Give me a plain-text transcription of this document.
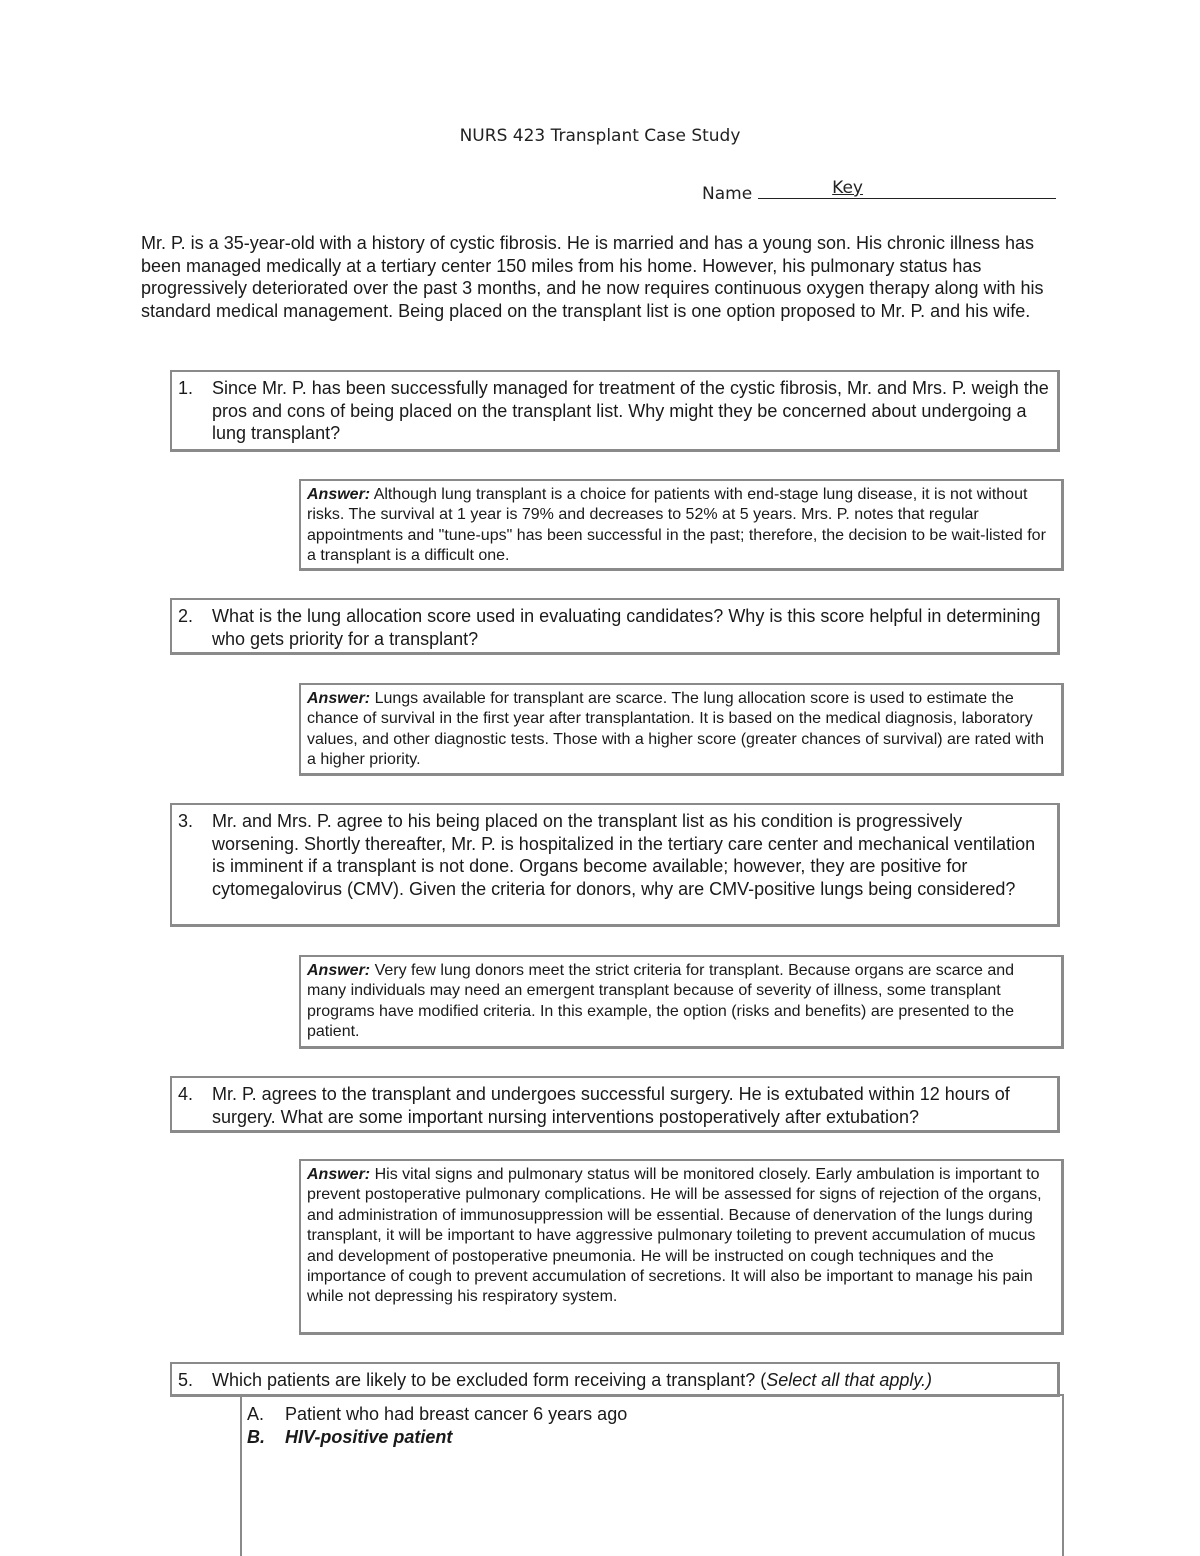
NURS 423 Transplant Case Study
Name	Key
Mr. P. is a 35-year-old with a history of cystic fibrosis. He is married and has a young son. His chronic illness has been managed medically at a tertiary center 150 miles from his home. However, his pulmonary status has progressively deteriorated over the past 3 months, and he now requires continuous oxygen therapy along with his standard medical management. Being placed on the transplant list is one option proposed to Mr. P. and his wife.
1. Since Mr. P. has been successfully managed for treatment of the cystic fibrosis, Mr. and Mrs. P. weigh the pros and cons of being placed on the transplant list. Why might they be concerned about undergoing a lung transplant?
Answer: Although lung transplant is a choice for patients with end-stage lung disease, it is not without risks. The survival at 1 year is 79% and decreases to 52% at 5 years. Mrs. P. notes that regular appointments and "tune-ups" has been successful in the past; therefore, the decision to be wait-listed for a transplant is a difficult one.
2. What is the lung allocation score used in evaluating candidates? Why is this score helpful in determining who gets priority for a transplant?
Answer: Lungs available for transplant are scarce. The lung allocation score is used to estimate the chance of survival in the first year after transplantation. It is based on the medical diagnosis, laboratory values, and other diagnostic tests. Those with a higher score (greater chances of survival) are rated with a higher priority.
3. Mr. and Mrs. P. agree to his being placed on the transplant list as his condition is progressively worsening. Shortly thereafter, Mr. P. is hospitalized in the tertiary care center and mechanical ventilation is imminent if a transplant is not done. Organs become available; however, they are positive for cytomegalovirus (CMV). Given the criteria for donors, why are CMV-positive lungs being considered?
Answer: Very few lung donors meet the strict criteria for transplant. Because organs are scarce and many individuals may need an emergent transplant because of severity of illness, some transplant programs have modified criteria. In this example, the option (risks and benefits) are presented to the patient.
4. Mr. P. agrees to the transplant and undergoes successful surgery. He is extubated within 12 hours of surgery. What are some important nursing interventions postoperatively after extubation?
Answer: His vital signs and pulmonary status will be monitored closely. Early ambulation is important to prevent postoperative pulmonary complications. He will be assessed for signs of rejection of the organs, and administration of immunosuppression will be essential. Because of denervation of the lungs during transplant, it will be important to have aggressive pulmonary toileting to prevent accumulation of mucus and development of postoperative pneumonia. He will be instructed on cough techniques and the importance of cough to prevent accumulation of secretions. It will also be important to manage his pain while not depressing his respiratory system.
5. Which patients are likely to be excluded form receiving a transplant? (Select all that apply.)
A.	Patient who had breast cancer 6 years ago
B.	HIV-positive patient
